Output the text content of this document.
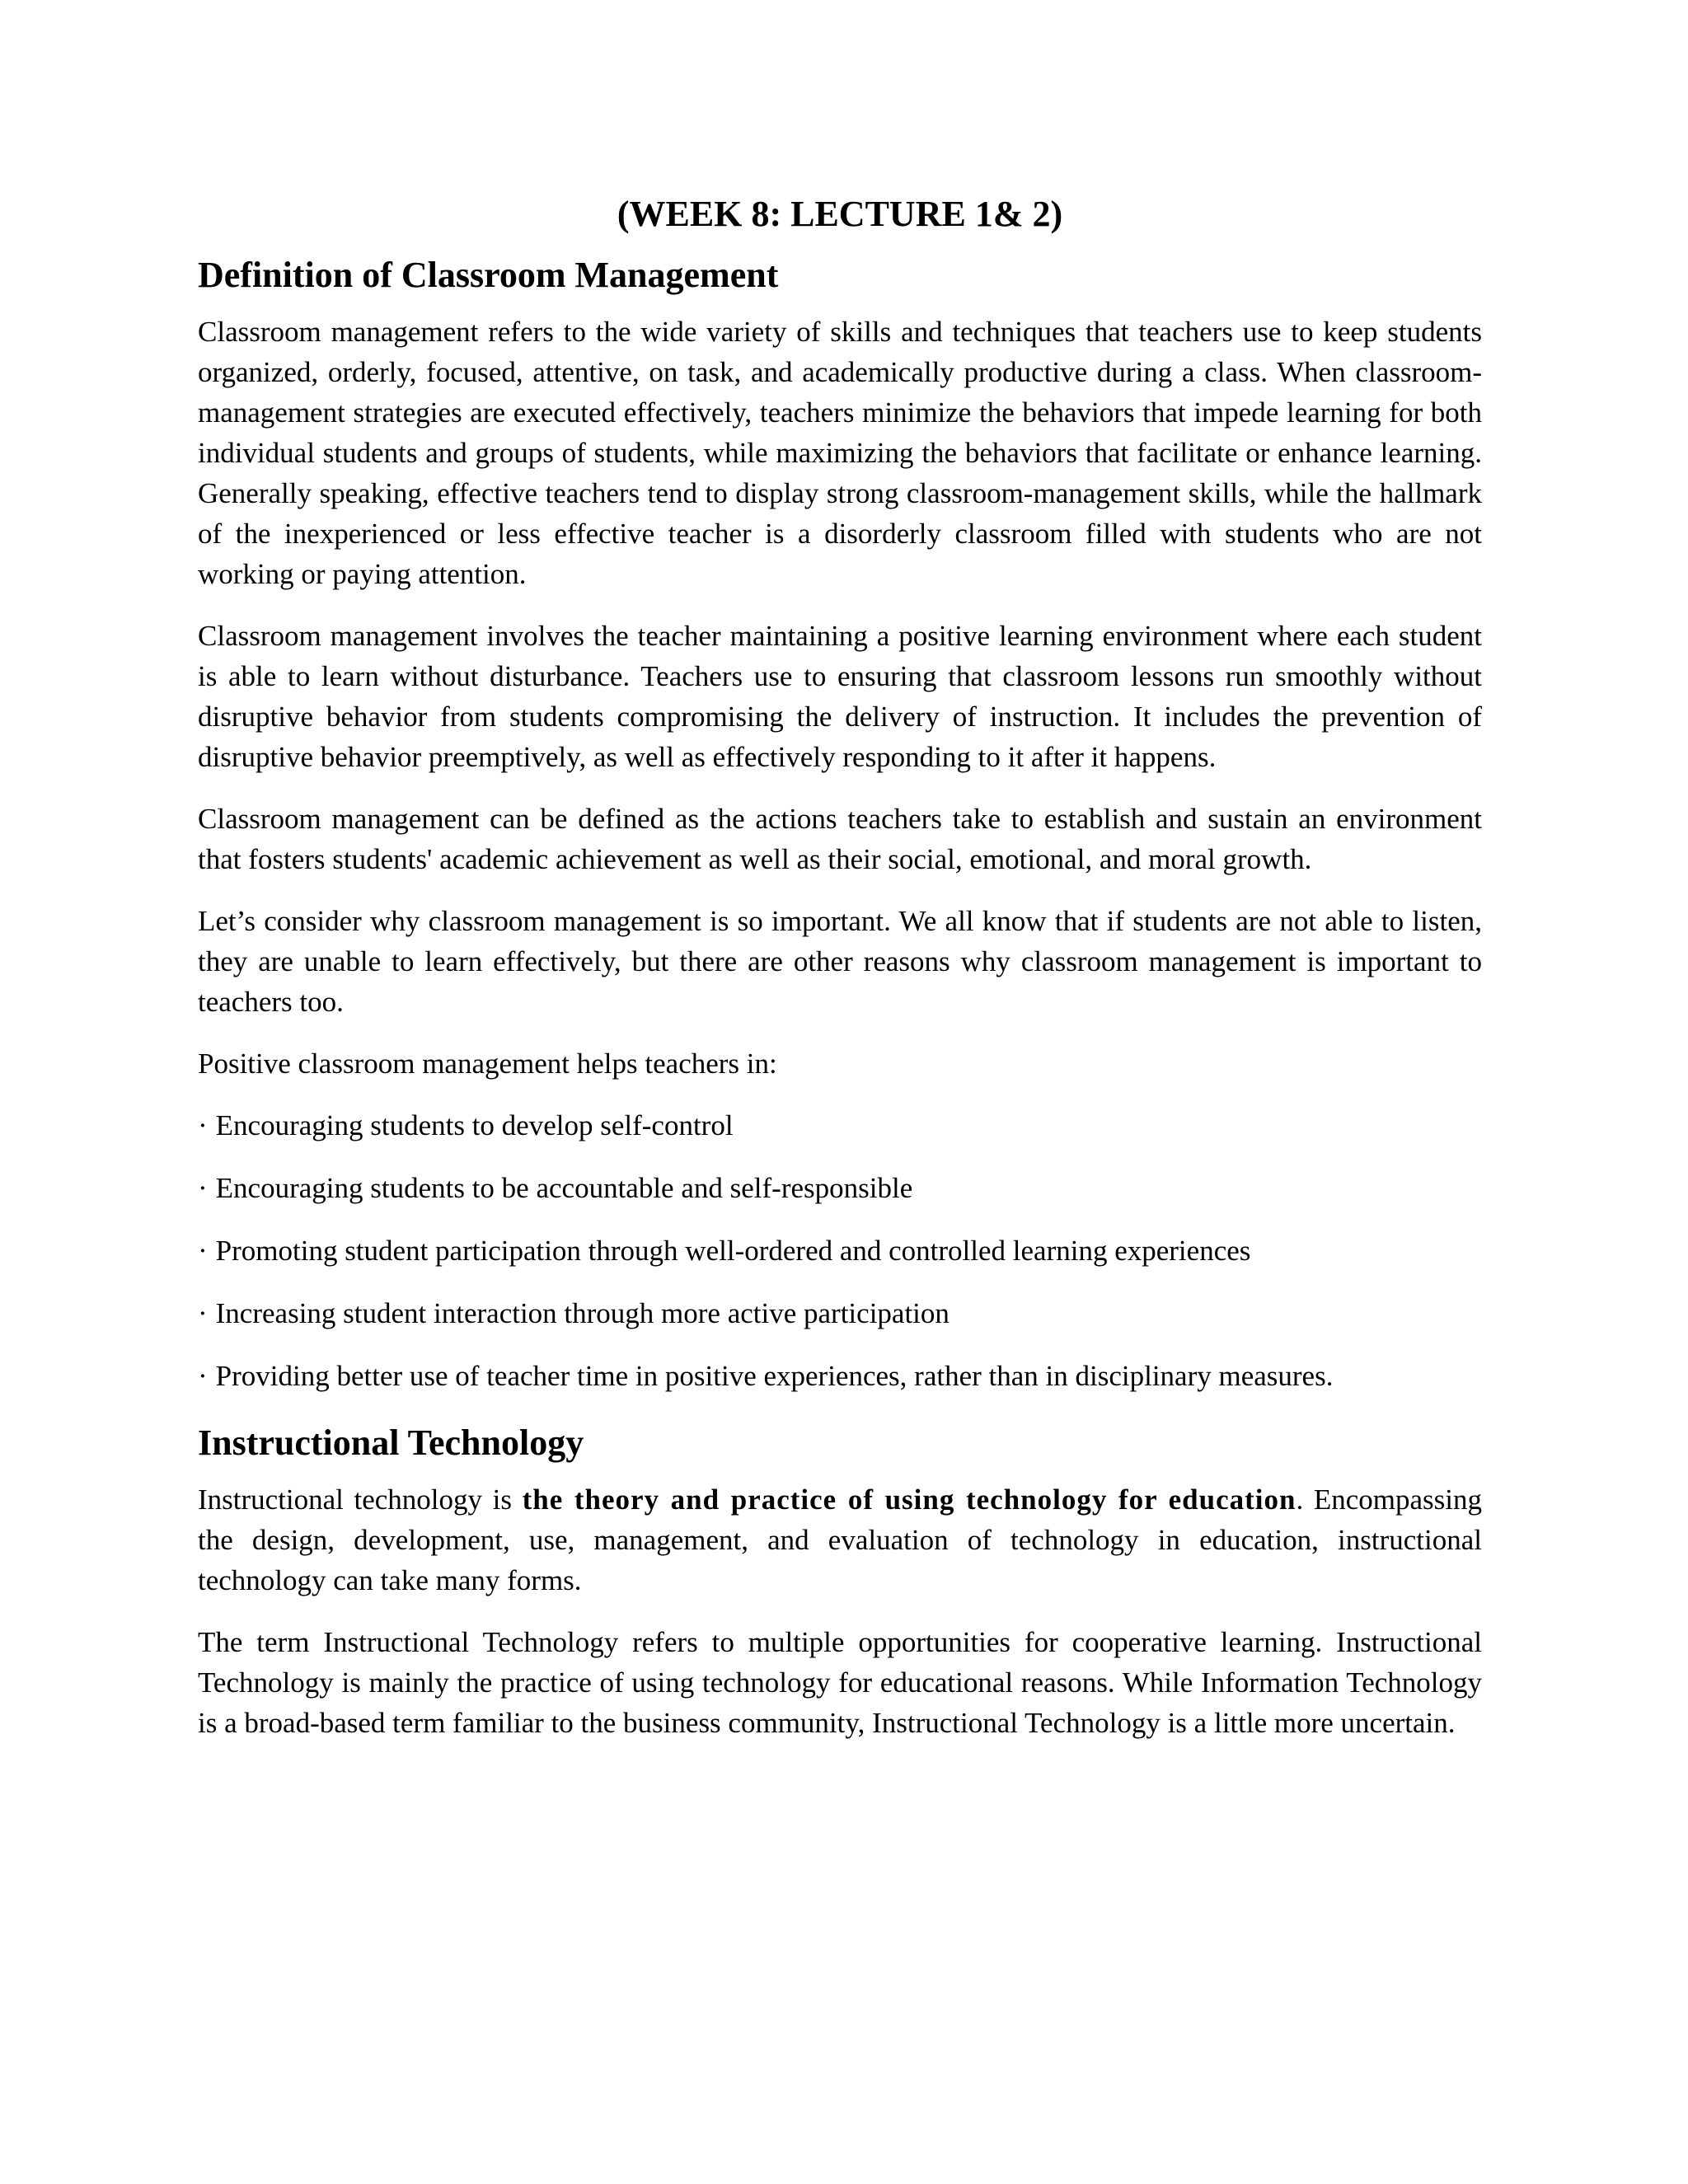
(WEEK 8: LECTURE 1& 2)
Definition of Classroom Management

Classroom management refers to the wide variety of skills and techniques that teachers use to keep students organized, orderly, focused, attentive, on task, and academically productive during a class. When classroom-management strategies are executed effectively, teachers minimize the behaviors that impede learning for both individual students and groups of students, while maximizing the behaviors that facilitate or enhance learning. Generally speaking, effective teachers tend to display strong classroom-management skills, while the hallmark of the inexperienced or less effective teacher is a disorderly classroom filled with students who are not working or paying attention.

Classroom management involves the teacher maintaining a positive learning environment where each student is able to learn without disturbance. Teachers use to ensuring that classroom lessons run smoothly without disruptive behavior from students compromising the delivery of instruction. It includes the prevention of disruptive behavior preemptively, as well as effectively responding to it after it happens.

Classroom management can be defined as the actions teachers take to establish and sustain an environment that fosters students' academic achievement as well as their social, emotional, and moral growth.

Let’s consider why classroom management is so important. We all know that if students are not able to listen, they are unable to learn effectively, but there are other reasons why classroom management is important to teachers too.

Positive classroom management helps teachers in:

· Encouraging students to develop self-control
· Encouraging students to be accountable and self-responsible
· Promoting student participation through well-ordered and controlled learning experiences
· Increasing student interaction through more active participation
· Providing better use of teacher time in positive experiences, rather than in disciplinary measures.
Instructional Technology

Instructional technology is the theory and practice of using technology for education. Encompassing the design, development, use, management, and evaluation of technology in education, instructional technology can take many forms.

The term Instructional Technology refers to multiple opportunities for cooperative learning. Instructional Technology is mainly the practice of using technology for educational reasons. While Information Technology is a broad-based term familiar to the business community, Instructional Technology is a little more uncertain.
